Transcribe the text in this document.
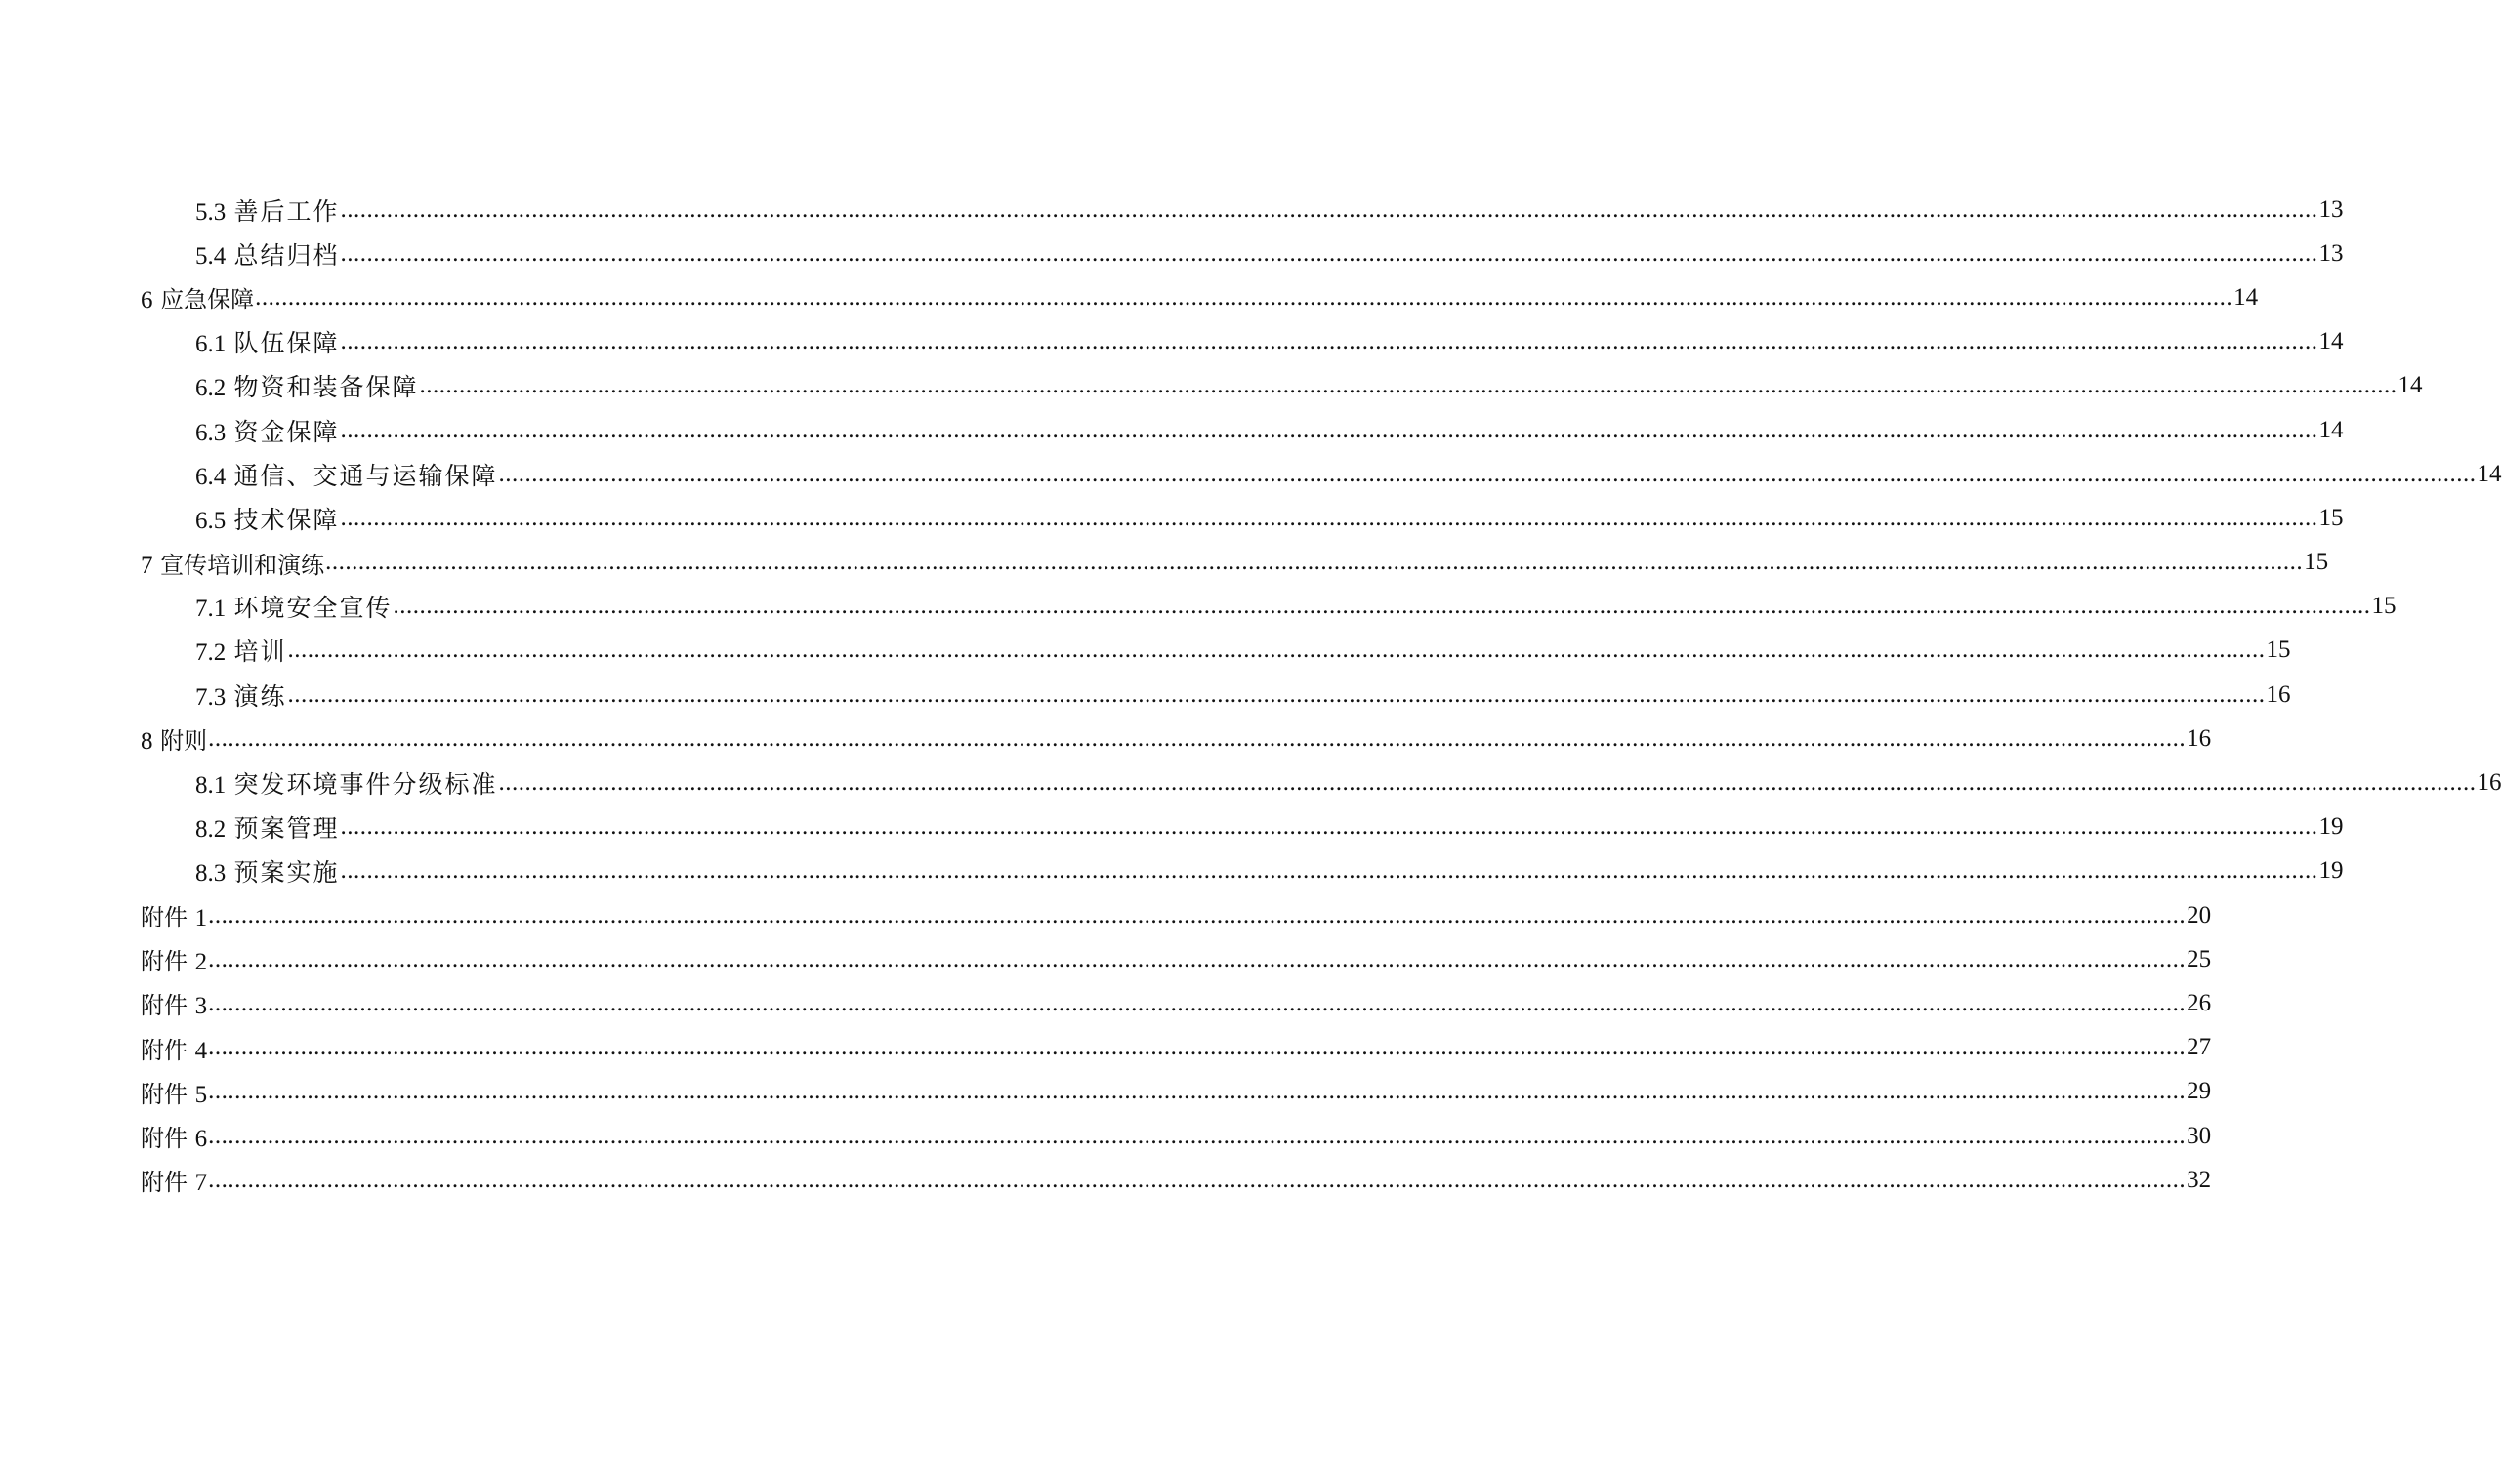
5.3 善后工作 ............................................................................................................................................................................................................................................................................................................ 13
5.4 总结归档 ............................................................................................................................................................................................................................................................................................................ 13
6 应急保障 ............................................................................................................................................................................................................................................................................................................ 14
6.1 队伍保障 ............................................................................................................................................................................................................................................................................................................ 14
6.2 物资和装备保障 ............................................................................................................................................................................................................................................................................................................ 14
6.3 资金保障 ............................................................................................................................................................................................................................................................................................................ 14
6.4 通信、交通与运输保障 ............................................................................................................................................................................................................................................................................................................ 14
6.5 技术保障 ............................................................................................................................................................................................................................................................................................................ 15
7 宣传培训和演练 ............................................................................................................................................................................................................................................................................................................ 15
7.1 环境安全宣传 ............................................................................................................................................................................................................................................................................................................ 15
7.2 培训 ............................................................................................................................................................................................................................................................................................................ 15
7.3 演练 ............................................................................................................................................................................................................................................................................................................ 16
8 附则 ............................................................................................................................................................................................................................................................................................................ 16
8.1 突发环境事件分级标准 ............................................................................................................................................................................................................................................................................................................ 16
8.2 预案管理 ............................................................................................................................................................................................................................................................................................................ 19
8.3 预案实施 ............................................................................................................................................................................................................................................................................................................ 19
附件 1 ............................................................................................................................................................................................................................................................................................................ 20
附件 2 ............................................................................................................................................................................................................................................................................................................ 25
附件 3 ............................................................................................................................................................................................................................................................................................................ 26
附件 4 ............................................................................................................................................................................................................................................................................................................ 27
附件 5 ............................................................................................................................................................................................................................................................................................................ 29
附件 6 ............................................................................................................................................................................................................................................................................................................ 30
附件 7 ............................................................................................................................................................................................................................................................................................................ 32
